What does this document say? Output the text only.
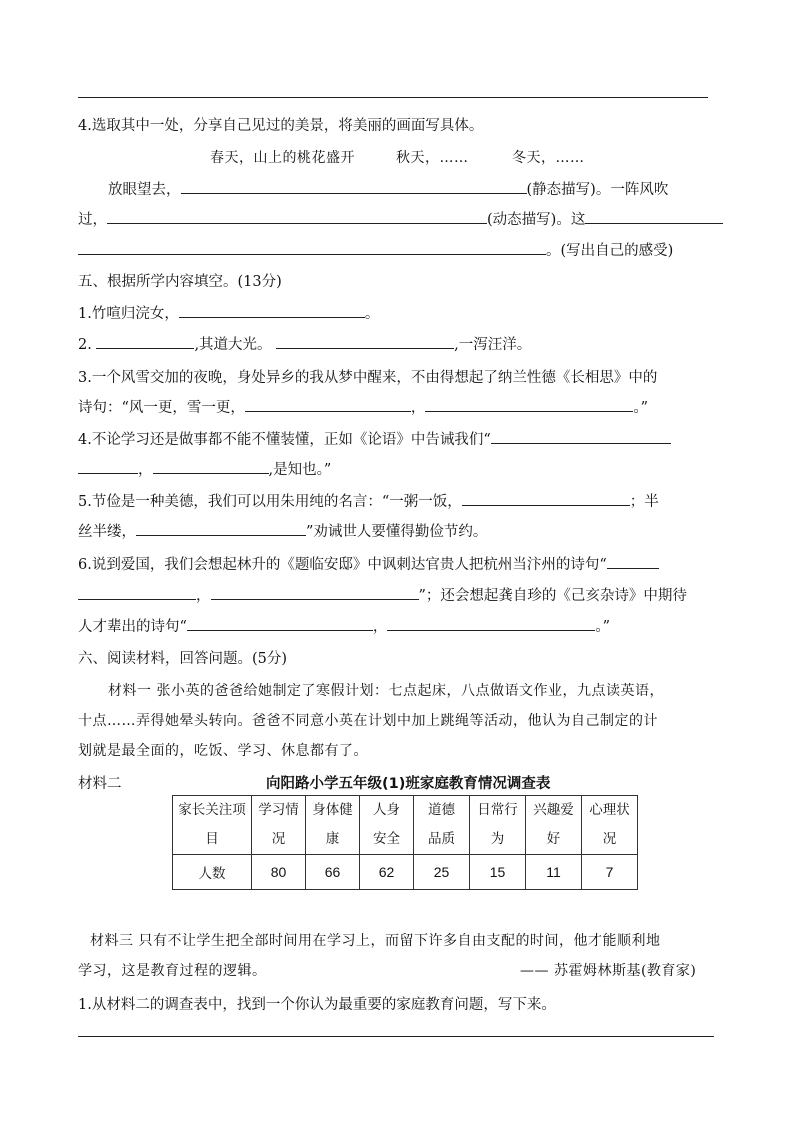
4.选取其中一处，分享自己见过的美景，将美丽的画面写具体。
春天，山上的桃花盛开	秋天，……	冬天，……
放眼望去，	(静态描写)。一阵风吹
过，	(动态描写)。这
。(写出自己的感受)
五、根据所学内容填空。(13分)
1.竹喧归浣女，	。
2.	,其道大光。	,一泻汪洋。
3.一个风雪交加的夜晚，身处异乡的我从梦中醒来，不由得想起了纳兰性德《长相思》中的
诗句：“风一更，雪一更，	，	。”
4.不论学习还是做事都不能不懂装懂，正如《论语》中告诫我们“
，	,是知也。”
5.节俭是一种美德，我们可以用朱用纯的名言：“一粥一饭，	；半
丝半缕，	”劝诫世人要懂得勤俭节约。
6.说到爱国，我们会想起林升的《题临安邸》中讽刺达官贵人把杭州当汴州的诗句“
，	”；还会想起龚自珍的《己亥杂诗》中期待
人才辈出的诗句“	，	。”
六、阅读材料，回答问题。(5分)
材料一 张小英的爸爸给她制定了寒假计划：七点起床，八点做语文作业，九点读英语，
十点……弄得她晕头转向。爸爸不同意小英在计划中加上跳绳等活动，他认为自己制定的计
划就是最全面的，吃饭、学习、休息都有了。
材料二	向阳路小学五年级(1)班家庭教育情况调查表
家长关注项目	学习情况	身体健康	人身安全	道德品质	日常行为	兴趣爱好	心理状况
人数	80	66	62	25	15	11	7
材料三 只有不让学生把全部时间用在学习上，而留下许多自由支配的时间，他才能顺利地
学习，这是教育过程的逻辑。	—— 苏霍姆林斯基(教育家)
1.从材料二的调查表中，找到一个你认为最重要的家庭教育问题，写下来。
